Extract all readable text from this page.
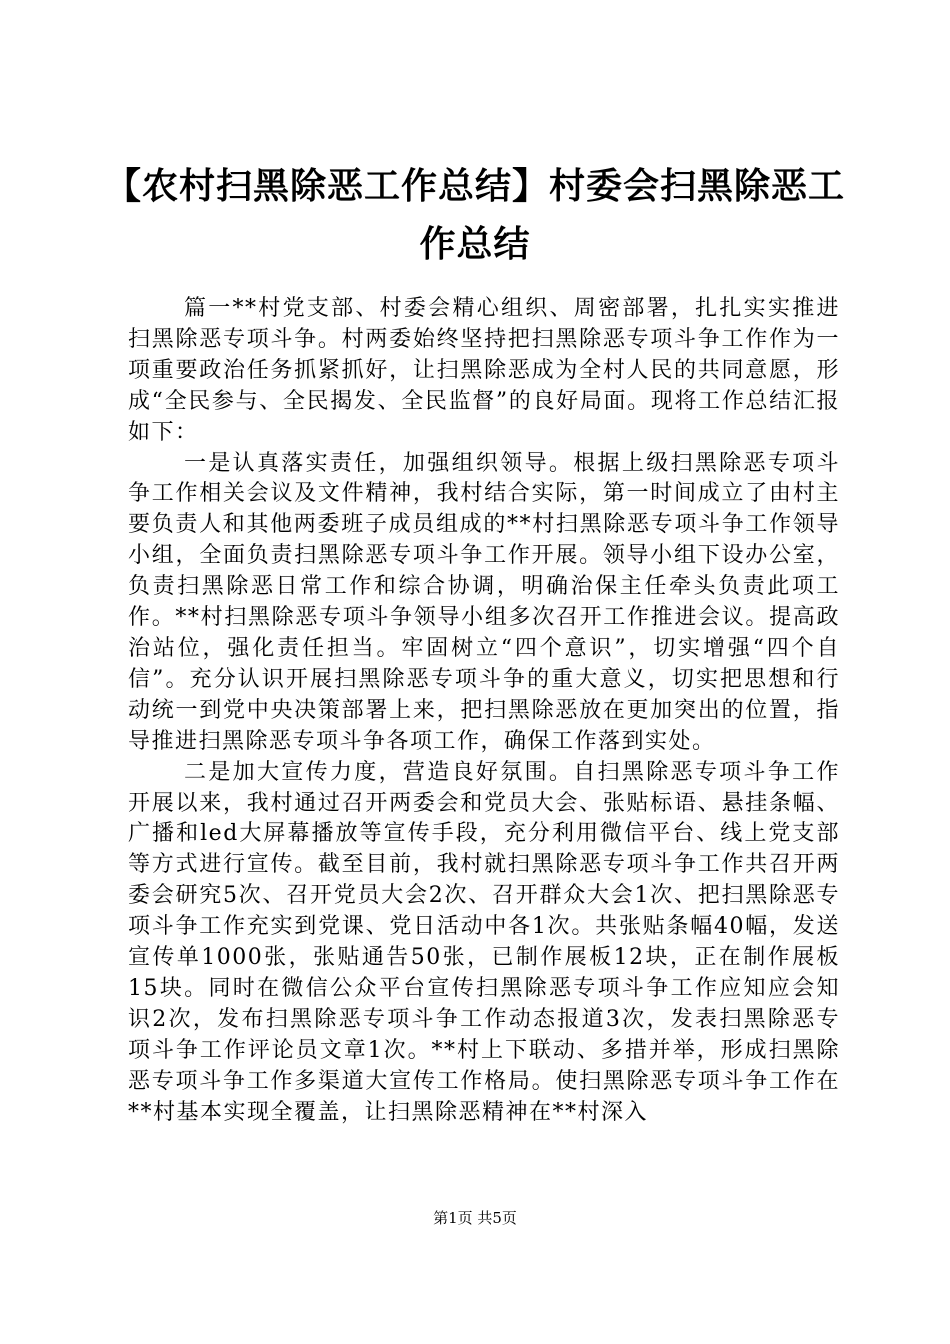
【农村扫黑除恶工作总结】村委会扫黑除恶工作总结

篇一**村党支部、村委会精心组织、周密部署，扎扎实实推进扫黑除恶专项斗争。村两委始终坚持把扫黑除恶专项斗争工作作为一项重要政治任务抓紧抓好，让扫黑除恶成为全村人民的共同意愿，形成“全民参与、全民揭发、全民监督”的良好局面。现将工作总结汇报如下：

一是认真落实责任，加强组织领导。根据上级扫黑除恶专项斗争工作相关会议及文件精神，我村结合实际，第一时间成立了由村主要负责人和其他两委班子成员组成的**村扫黑除恶专项斗争工作领导小组，全面负责扫黑除恶专项斗争工作开展。领导小组下设办公室，负责扫黑除恶日常工作和综合协调，明确治保主任牵头负责此项工作。**村扫黑除恶专项斗争领导小组多次召开工作推进会议。提高政治站位，强化责任担当。牢固树立“四个意识”，切实增强“四个自信”。充分认识开展扫黑除恶专项斗争的重大意义，切实把思想和行动统一到党中央决策部署上来，把扫黑除恶放在更加突出的位置，指导推进扫黑除恶专项斗争各项工作，确保工作落到实处。

二是加大宣传力度，营造良好氛围。自扫黑除恶专项斗争工作开展以来，我村通过召开两委会和党员大会、张贴标语、悬挂条幅、广播和led大屏幕播放等宣传手段，充分利用微信平台、线上党支部等方式进行宣传。截至目前，我村就扫黑除恶专项斗争工作共召开两委会研究5次、召开党员大会2次、召开群众大会1次、把扫黑除恶专项斗争工作充实到党课、党日活动中各1次。共张贴条幅40幅，发送宣传单1000张，张贴通告50张，已制作展板12块，正在制作展板15块。同时在微信公众平台宣传扫黑除恶专项斗争工作应知应会知识2次，发布扫黑除恶专项斗争工作动态报道3次，发表扫黑除恶专项斗争工作评论员文章1次。**村上下联动、多措并举，形成扫黑除恶专项斗争工作多渠道大宣传工作格局。使扫黑除恶专项斗争工作在**村基本实现全覆盖，让扫黑除恶精神在**村深入

第1页 共5页
